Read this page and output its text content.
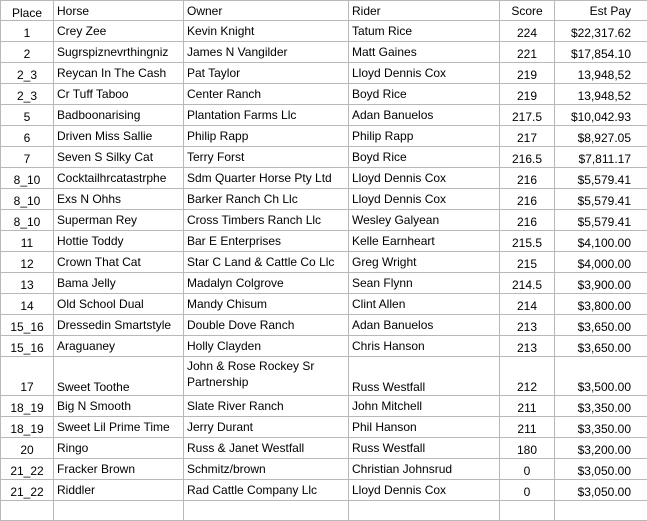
Place	Horse	Owner	Rider	Score	Est Pay
1	Crey Zee	Kevin Knight	Tatum Rice	224	$22,317.62
2	Sugrspiznevrthingniz	James N Vangilder	Matt Gaines	221	$17,854.10
2_3	Reycan In The Cash	Pat Taylor	Lloyd Dennis Cox	219	13,948,52
2_3	Cr Tuff Taboo	Center Ranch	Boyd Rice	219	13,948,52
5	Badboonarising	Plantation Farms Llc	Adan Banuelos	217.5	$10,042.93
6	Driven Miss Sallie	Philip Rapp	Philip Rapp	217	$8,927.05
7	Seven S Silky Cat	Terry Forst	Boyd Rice	216.5	$7,811.17
8_10	Cocktailhrcatastrphe	Sdm Quarter Horse Pty Ltd	Lloyd Dennis Cox	216	$5,579.41
8_10	Exs N Ohhs	Barker Ranch Ch Llc	Lloyd Dennis Cox	216	$5,579.41
8_10	Superman Rey	Cross Timbers Ranch Llc	Wesley Galyean	216	$5,579.41
11	Hottie Toddy	Bar E Enterprises	Kelle Earnheart	215.5	$4,100.00
12	Crown That Cat	Star C Land & Cattle Co Llc	Greg Wright	215	$4,000.00
13	Bama Jelly	Madalyn Colgrove	Sean Flynn	214.5	$3,900.00
14	Old School Dual	Mandy Chisum	Clint Allen	214	$3,800.00
15_16	Dressedin Smartstyle	Double Dove Ranch	Adan Banuelos	213	$3,650.00
15_16	Araguaney	Holly Clayden	Chris Hanson	213	$3,650.00
17	Sweet Toothe	John & Rose Rockey Sr Partnership	Russ Westfall	212	$3,500.00
18_19	Big N Smooth	Slate River Ranch	John Mitchell	211	$3,350.00
18_19	Sweet Lil Prime Time	Jerry Durant	Phil Hanson	211	$3,350.00
20	Ringo	Russ & Janet Westfall	Russ Westfall	180	$3,200.00
21_22	Fracker Brown	Schmitz/brown	Christian Johnsrud	0	$3,050.00
21_22	Riddler	Rad Cattle Company Llc	Lloyd Dennis Cox	0	$3,050.00
